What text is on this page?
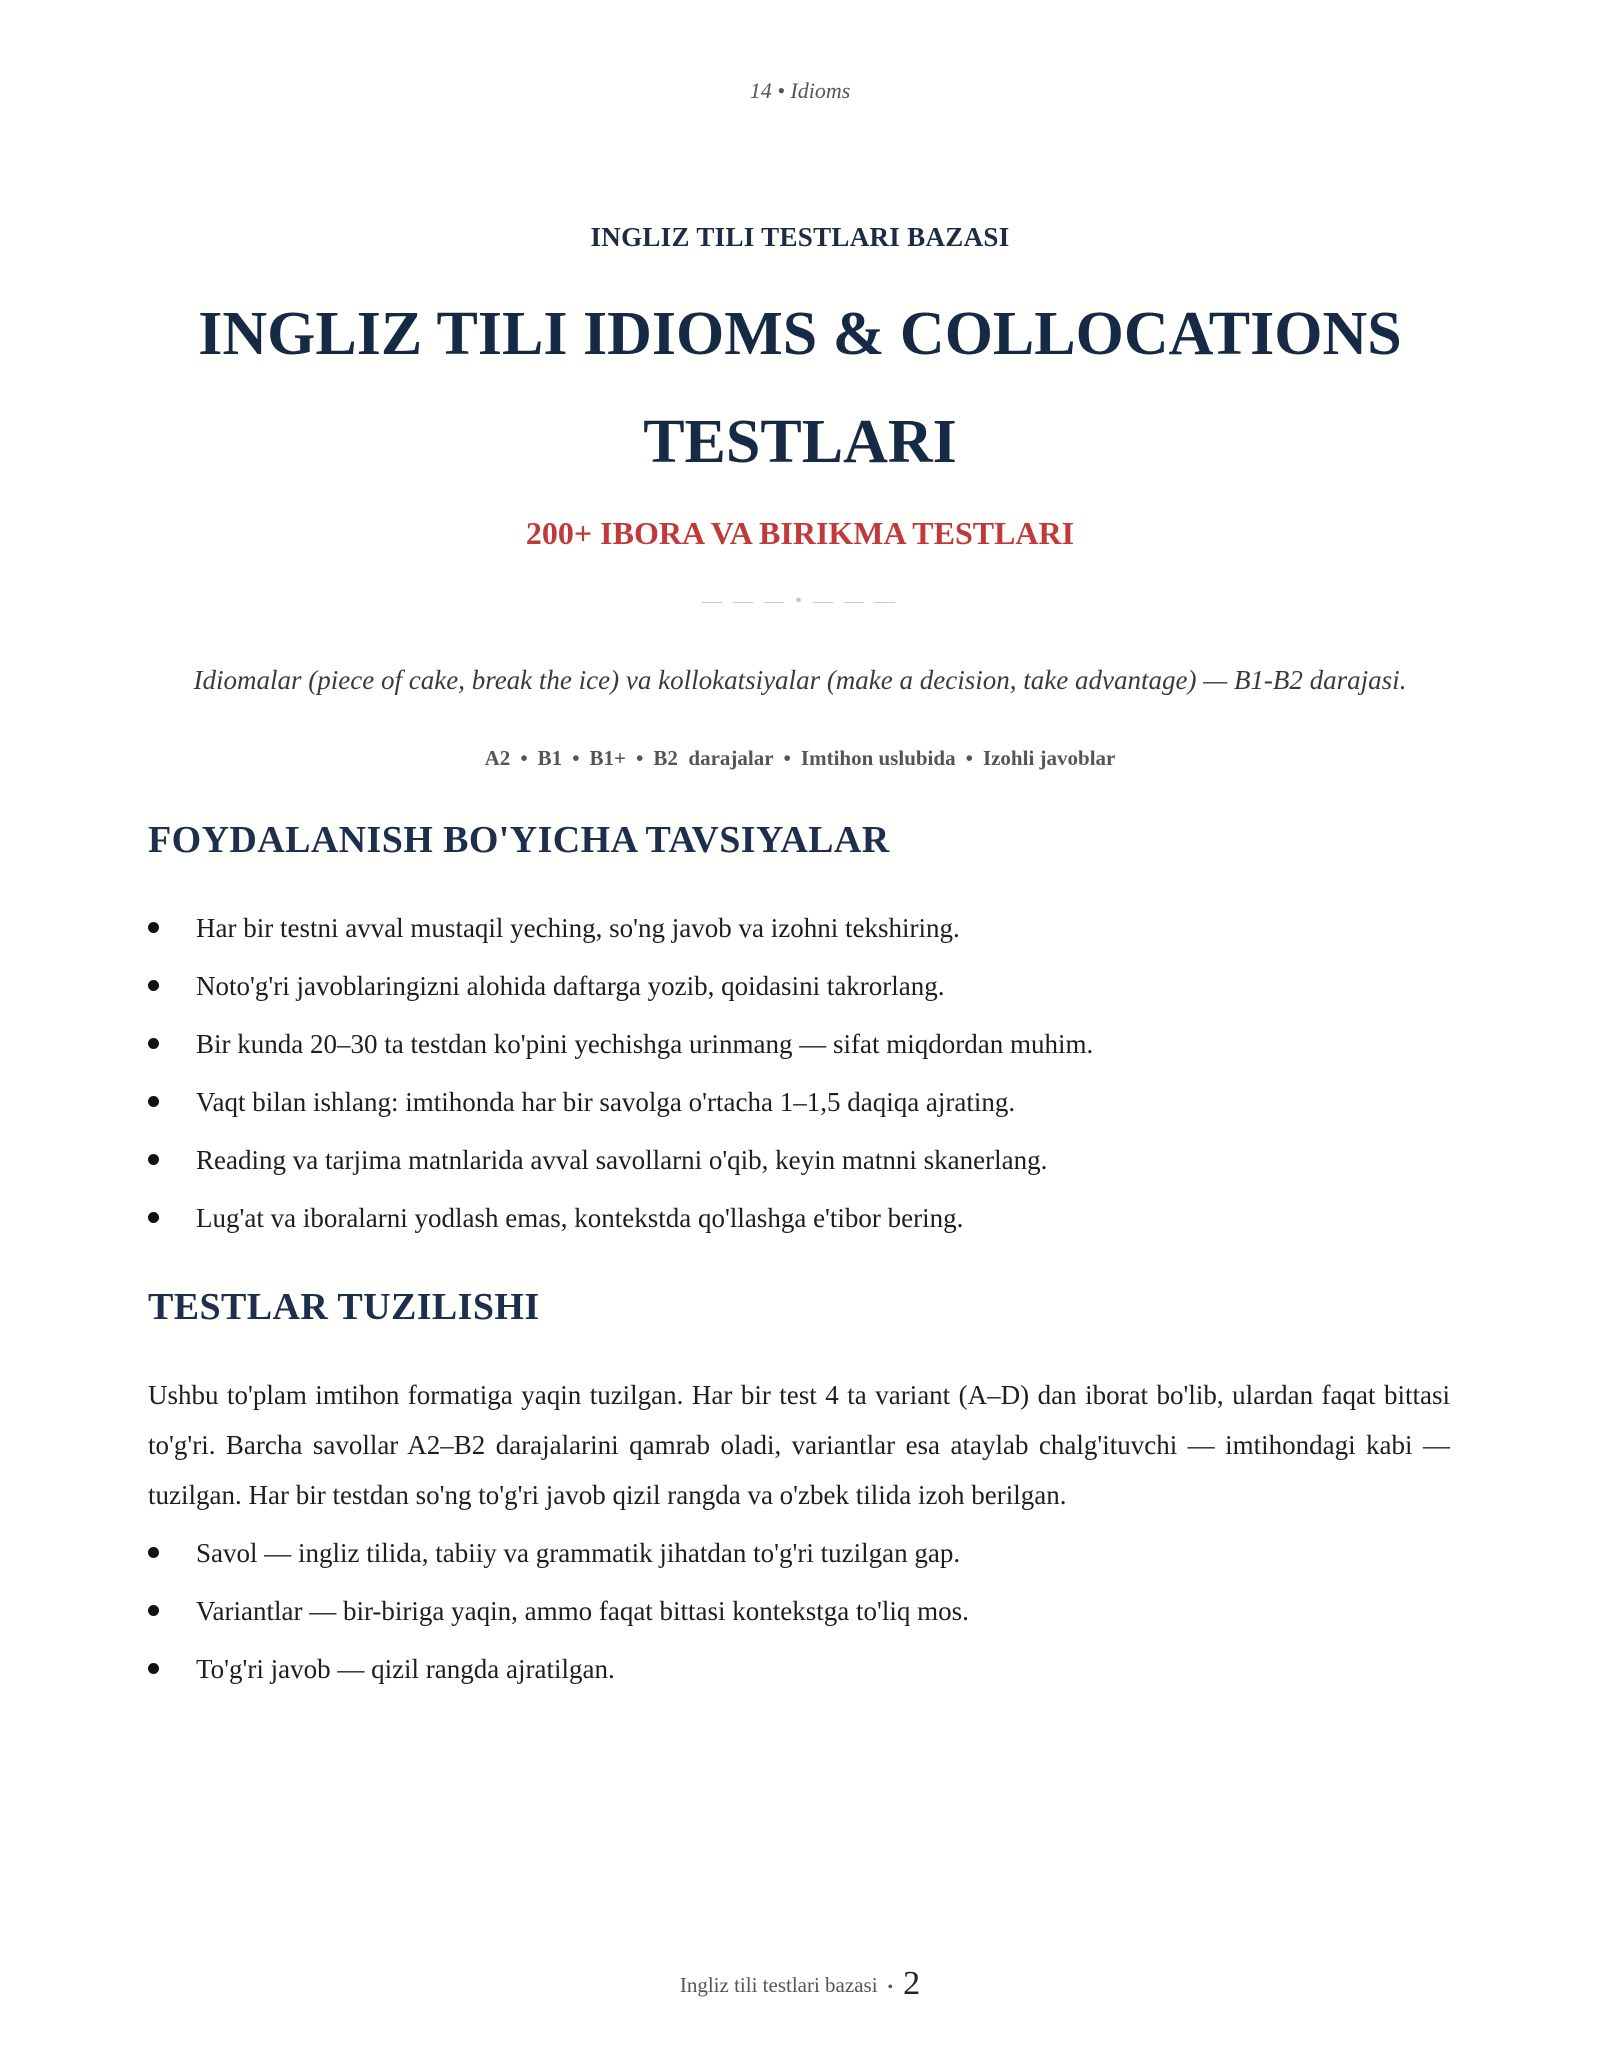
14 • Idioms
INGLIZ TILI TESTLARI BAZASI
INGLIZ TILI IDIOMS & COLLOCATIONS TESTLARI
200+ IBORA VA BIRIKMA TESTLARI
— — — • — — —
Idiomalar (piece of cake, break the ice) va kollokatsiyalar (make a decision, take advantage) — B1-B2 darajasi.
A2 • B1 • B1+ • B2  darajalar • Imtihon uslubida • Izohli javoblar
FOYDALANISH BO'YICHA TAVSIYALAR
Har bir testni avval mustaqil yeching, so'ng javob va izohni tekshiring.
Noto'g'ri javoblaringizni alohida daftarga yozib, qoidasini takrorlang.
Bir kunda 20–30 ta testdan ko'pini yechishga urinmang — sifat miqdordan muhim.
Vaqt bilan ishlang: imtihonda har bir savolga o'rtacha 1–1,5 daqiqa ajrating.
Reading va tarjima matnlarida avval savollarni o'qib, keyin matnni skanerlang.
Lug'at va iboralarni yodlash emas, kontekstda qo'llashga e'tibor bering.
TESTLAR TUZILISHI
Ushbu to'plam imtihon formatiga yaqin tuzilgan. Har bir test 4 ta variant (A–D) dan iborat bo'lib, ulardan faqat bittasi to'g'ri. Barcha savollar A2–B2 darajalarini qamrab oladi, variantlar esa ataylab chalg'ituvchi — imtihondagi kabi — tuzilgan. Har bir testdan so'ng to'g'ri javob qizil rangda va o'zbek tilida izoh berilgan.
Savol — ingliz tilida, tabiiy va grammatik jihatdan to'g'ri tuzilgan gap.
Variantlar — bir-biriga yaqin, ammo faqat bittasi kontekstga to'liq mos.
To'g'ri javob — qizil rangda ajratilgan.
Ingliz tili testlari bazasi • 2
